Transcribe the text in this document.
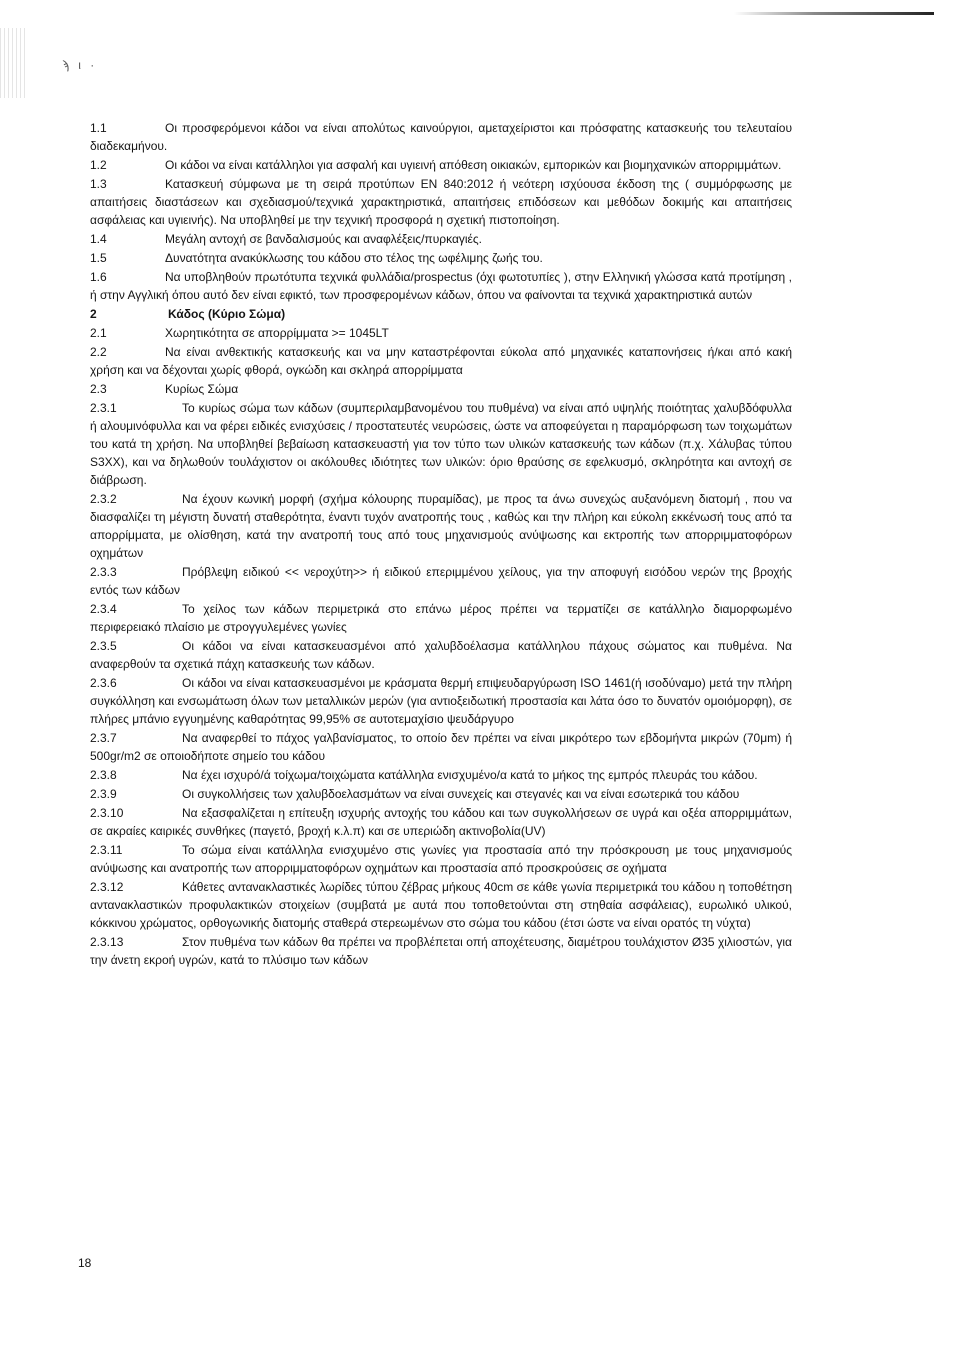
ϡ ι ·
1.1	Οι προσφερόμενοι κάδοι να είναι απολύτως καινούργιοι, αμεταχείριστοι και πρόσφατης κατασκευής του τελευταίου διαδεκαμήνου.
1.2	Οι κάδοι να είναι κατάλληλοι για ασφαλή και υγιεινή απόθεση οικιακών, εμπορικών και βιομηχανικών απορριμμάτων.
1.3	Κατασκευή σύμφωνα με τη σειρά προτύπων ΕΝ 840:2012 ή νεότερη ισχύουσα έκδοση της ( συμμόρφωσης με απαιτήσεις διαστάσεων και σχεδιασμού/τεχνικά χαρακτηριστικά, απαιτήσεις επιδόσεων και μεθόδων δοκιμής και απαιτήσεις ασφάλειας και υγιεινής). Να υποβληθεί με την τεχνική προσφορά η σχετική πιστοποίηση.
1.4	Μεγάλη αντοχή σε βανδαλισμούς και αναφλέξεις/πυρκαγιές.
1.5	Δυνατότητα ανακύκλωσης του κάδου στο τέλος της ωφέλιμης ζωής του.
1.6	Να υποβληθούν πρωτότυπα τεχνικά φυλλάδια/prospectus (όχι φωτοτυπίες ), στην Ελληνική γλώσσα κατά προτίμηση , ή στην Αγγλική όπου αυτό δεν είναι εφικτό, των προσφερομένων κάδων, όπου να φαίνονται τα τεχνικά χαρακτηριστικά αυτών
2	Κάδος (Κύριο Σώμα)
2.1	Χωρητικότητα σε απορρίμματα >= 1045LT
2.2	Να είναι ανθεκτικής κατασκευής και να μην καταστρέφονται εύκολα από μηχανικές καταπονήσεις ή/και από κακή χρήση και να δέχονται χωρίς φθορά, ογκώδη και σκληρά απορρίμματα
2.3	Κυρίως Σώμα
2.3.1	Το κυρίως σώμα των κάδων (συμπεριλαμβανομένου του πυθμένα) να είναι από υψηλής ποιότητας χαλυβδόφυλλα ή αλουμινόφυλλα και να φέρει ειδικές ενισχύσεις / προστατευτές νευρώσεις, ώστε να αποφεύγεται η παραμόρφωση των τοιχωμάτων του κατά τη χρήση. Να υποβληθεί βεβαίωση κατασκευαστή για τον τύπο των υλικών κατασκευής των κάδων (π.χ. Χάλυβας τύπου S3XX), και να δηλωθούν τουλάχιστον οι ακόλουθες ιδιότητες των υλικών: όριο θραύσης σε εφελκυσμό, σκληρότητα και αντοχή σε διάβρωση.
2.3.2	Να έχουν κωνική μορφή (σχήμα κόλουρης πυραμίδας), με προς τα άνω συνεχώς αυξανόμενη διατομή , που να διασφαλίζει τη μέγιστη δυνατή σταθερότητα, έναντι τυχόν ανατροπής τους , καθώς και την πλήρη και εύκολη εκκένωσή τους από τα απορρίμματα, με ολίσθηση, κατά την ανατροπή τους από τους μηχανισμούς ανύψωσης και εκτροπής των απορριμματοφόρων οχημάτων
2.3.3	Πρόβλεψη ειδικού << νεροχύτη>> ή ειδικού επεριμμένου χείλους, για την αποφυγή εισόδου νερών της βροχής εντός των κάδων
2.3.4	Το χείλος των κάδων περιμετρικά στο επάνω μέρος πρέπει να τερματίζει σε κατάλληλο διαμορφωμένο περιφερειακό πλαίσιο με στρογγυλεμένες γωνίες
2.3.5	Οι κάδοι να είναι κατασκευασμένοι από χαλυβδοέλασμα κατάλληλου πάχους σώματος και πυθμένα. Να αναφερθούν τα σχετικά πάχη κατασκευής των κάδων.
2.3.6	Οι κάδοι να είναι κατασκευασμένοι με κράσματα θερμή επιψευδαργύρωση ISO 1461(ή ισοδύναμο) μετά την πλήρη συγκόλληση και ενσωμάτωση όλων των μεταλλικών μερών (για αντιοξειδωτική προστασία και λάτα όσο το δυνατόν ομοιόμορφη), σε πλήρες μπάνιο εγγυημένης καθαρότητας 99,95% σε αυτοτεμαχίσιο ψευδάργυρο
2.3.7	Να αναφερθεί το πάχος γαλβανίσματος, το οποίο δεν πρέπει να είναι μικρότερο των εβδομήντα μικρών (70μm) ή 500gr/m2 σε οποιοδήποτε σημείο του κάδου
2.3.8	Να έχει ισχυρό/ά τοίχωμα/τοιχώματα κατάλληλα ενισχυμένο/α κατά το μήκος της εμπρός πλευράς του κάδου.
2.3.9	Οι συγκολλήσεις των χαλυβδοελασμάτων να είναι συνεχείς και στεγανές και να είναι εσωτερικά του κάδου
2.3.10	Να εξασφαλίζεται η επίτευξη ισχυρής αντοχής του κάδου και των συγκολλήσεων σε υγρά και οξέα απορριμμάτων, σε ακραίες καιρικές συνθήκες (παγετό, βροχή κ.λ.π) και σε υπεριώδη ακτινοβολία(UV)
2.3.11	Το σώμα είναι κατάλληλα ενισχυμένο στις γωνίες για προστασία από την πρόσκρουση με τους μηχανισμούς ανύψωσης και ανατροπής των απορριμματοφόρων οχημάτων και προστασία από προσκρούσεις σε οχήματα
2.3.12	Κάθετες αντανακλαστικές λωρίδες τύπου ζέβρας μήκους 40cm σε κάθε γωνία περιμετρικά του κάδου η τοποθέτηση αντανακλαστικών προφυλακτικών στοιχείων (συμβατά με αυτά που τοποθετούνται στη στηθαία ασφάλειας), ευρωλικό υλικού, κόκκινου χρώματος, ορθογωνικής διατομής σταθερά στερεωμένων στο σώμα του κάδου (έτσι ώστε να είναι ορατός τη νύχτα)
2.3.13	Στον πυθμένα των κάδων θα πρέπει να προβλέπεται οπή αποχέτευσης, διαμέτρου τουλάχιστον Ø35 χιλιοστών, για την άνετη εκροή υγρών, κατά το πλύσιμο των κάδων
18
